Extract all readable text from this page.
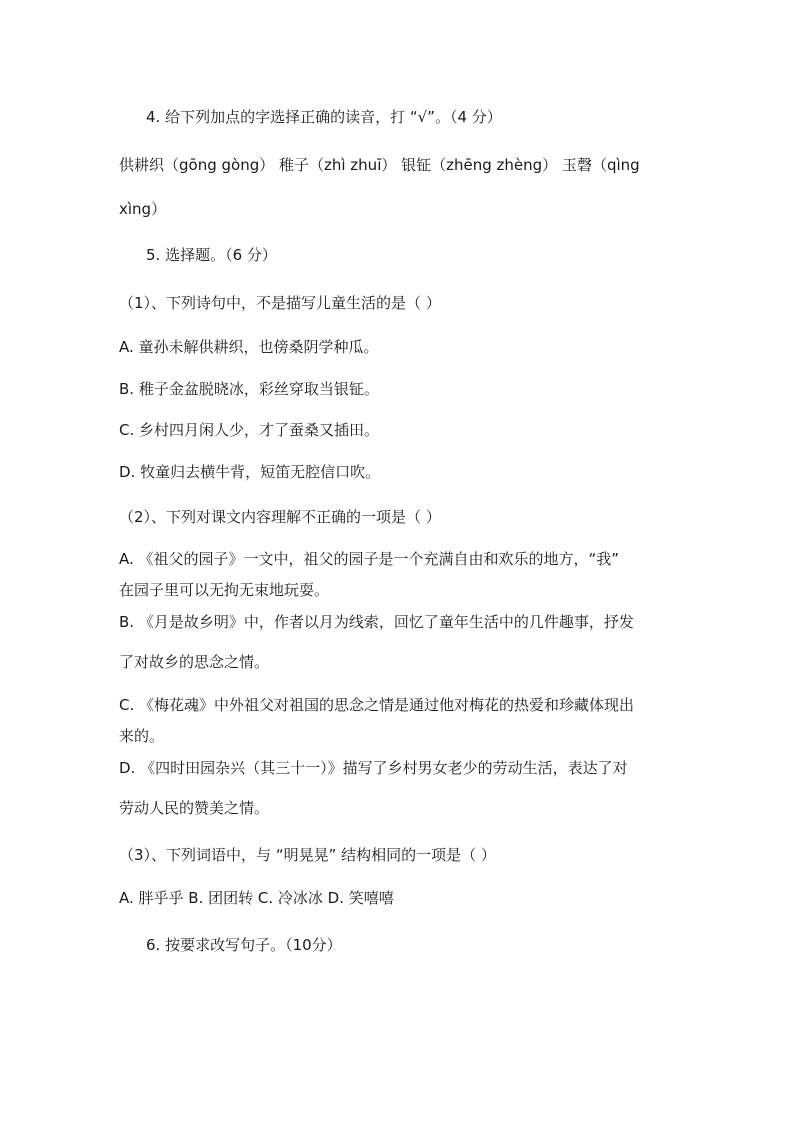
4. 给下列加点的字选择正确的读音，打 “√”。（4 分）
供耕织（gōng gòng） 稚子（zhì zhuī） 银钲（zhēng zhèng） 玉磬（qìng
xìng）
5. 选择题。（6 分）
（1）、下列诗句中，不是描写儿童生活的是（ ）
A. 童孙未解供耕织，也傍桑阴学种瓜。
B. 稚子金盆脱晓冰，彩丝穿取当银钲。
C. 乡村四月闲人少，才了蚕桑又插田。
D. 牧童归去横牛背，短笛无腔信口吹。
（2）、下列对课文内容理解不正确的一项是（ ）
A. 《祖父的园子》一文中，祖父的园子是一个充满自由和欢乐的地方，“我”
在园子里可以无拘无束地玩耍。
B. 《月是故乡明》中，作者以月为线索，回忆了童年生活中的几件趣事，抒发
了对故乡的思念之情。
C. 《梅花魂》中外祖父对祖国的思念之情是通过他对梅花的热爱和珍藏体现出
来的。
D. 《四时田园杂兴（其三十一）》描写了乡村男女老少的劳动生活，表达了对
劳动人民的赞美之情。
（3）、下列词语中，与 “明晃晃” 结构相同的一项是（ ）
A. 胖乎乎 B. 团团转 C. 冷冰冰 D. 笑嘻嘻
6. 按要求改写句子。（10分）
